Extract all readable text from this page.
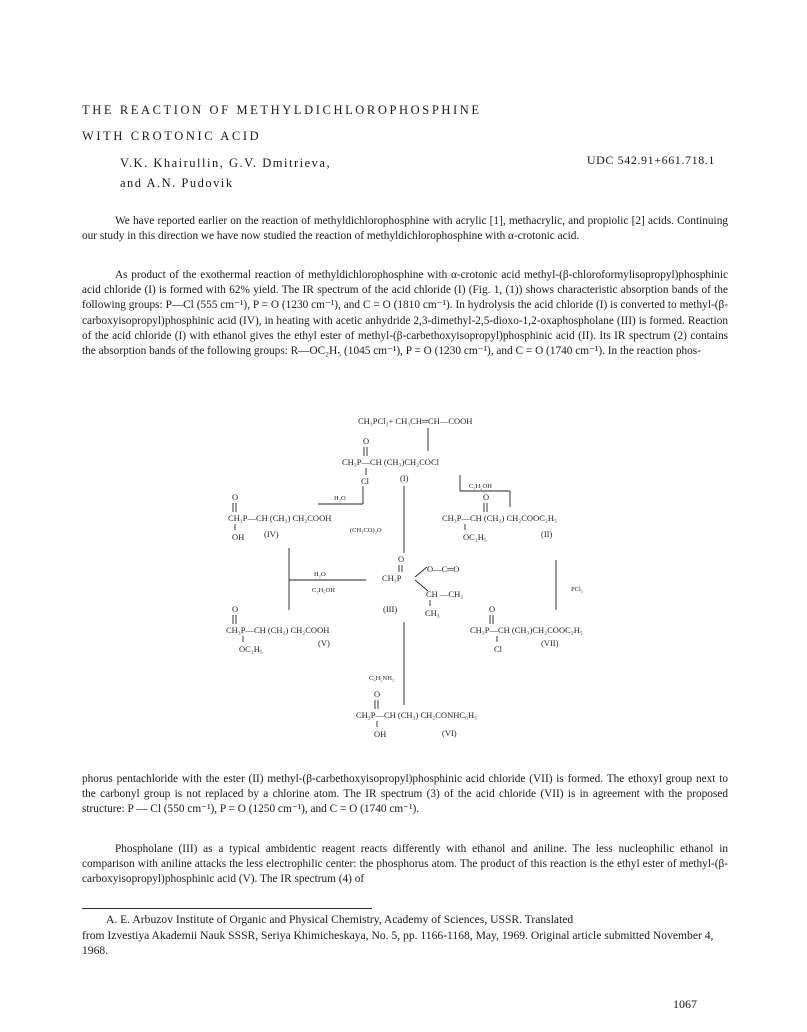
THE REACTION OF METHYLDICHLOROPHOSPHINE
WITH CROTONIC ACID
V.K. Khairullin, G.V. Dmitrieva,
and A.N. Pudovik
UDC 542.91+661.718.1

We have reported earlier on the reaction of methyldichlorophosphine with acrylic [1], methacrylic, and propiolic [2] acids. Continuing our study in this direction we have now studied the reaction of methyldichlorophosphine with α-crotonic acid.

As product of the exothermal reaction of methyldichlorophosphine with α-crotonic acid methyl-(β-chloroformylisopropyl)phosphinic acid chloride (I) is formed with 62% yield. The IR spectrum of the acid chloride (I) (Fig. 1, (1)) shows characteristic absorption bands of the following groups: P—Cl (555 cm⁻¹), P = O (1230 cm⁻¹), and C = O (1810 cm⁻¹). In hydrolysis the acid chloride (I) is converted to methyl-(β-carboxyisopropyl)phosphinic acid (IV), in heating with acetic anhydride 2,3-dimethyl-2,5-dioxo-1,2-oxaphospholane (III) is formed. Reaction of the acid chloride (I) with ethanol gives the ethyl ester of methyl-(β-carbethoxyisopropyl)phosphinic acid (II). Its IR spectrum (2) contains the absorption bands of the following groups: R—OC₂H₅ (1045 cm⁻¹), P = O (1230 cm⁻¹), and C = O (1740 cm⁻¹). In the reaction phos-

CH₃PCl₂+ CH₃CH═CH—COOH
O
CH₃P—CH (CH₃)CH₂COCl
Cl	(I)
H₂O
C₂H₅OH
O
CH₃P—CH (CH₃) CH₂COOH
OH (IV)	(CH₃CO)₂O
O
CH₃P—CH (CH₃) CH₂COOC₂H₅
OC₂H₅	(II)
H₂O
C₂H₅OH
O
O—C═O
CH₃P
CH —CH₂
CH₃
(III)
PCl₅
O
CH₃P—CH (CH₃) CH₂COOH
OC₂H₅
(V)
O
CH₃P—CH (CH₃)CH₂COOC₂H₅
Cl
(VII)
C₆H₅NH₂
O
CH₃P—CH (CH₃) CH₂CONHC₆H₅
OH	(VI)

phorus pentachloride with the ester (II) methyl-(β-carbethoxyisopropyl)phosphinic acid chloride (VII) is formed. The ethoxyl group next to the carbonyl group is not replaced by a chlorine atom. The IR spectrum (3) of the acid chloride (VII) is in agreement with the proposed structure: P — Cl (550 cm⁻¹), P = O (1250 cm⁻¹), and C = O (1740 cm⁻¹).

Phospholane (III) as a typical ambidentic reagent reacts differently with ethanol and aniline. The less nucleophilic ethanol in comparison with aniline attacks the less electrophilic center: the phosphorus atom. The product of this reaction is the ethyl ester of methyl-(β-carboxyisopropyl)phosphinic acid (V). The IR spectrum (4) of

A. E. Arbuzov Institute of Organic and Physical Chemistry, Academy of Sciences, USSR. Translated
from Izvestiya Akademii Nauk SSSR, Seriya Khimicheskaya, No. 5, pp. 1166-1168, May, 1969. Original article submitted November 4, 1968.
1067
